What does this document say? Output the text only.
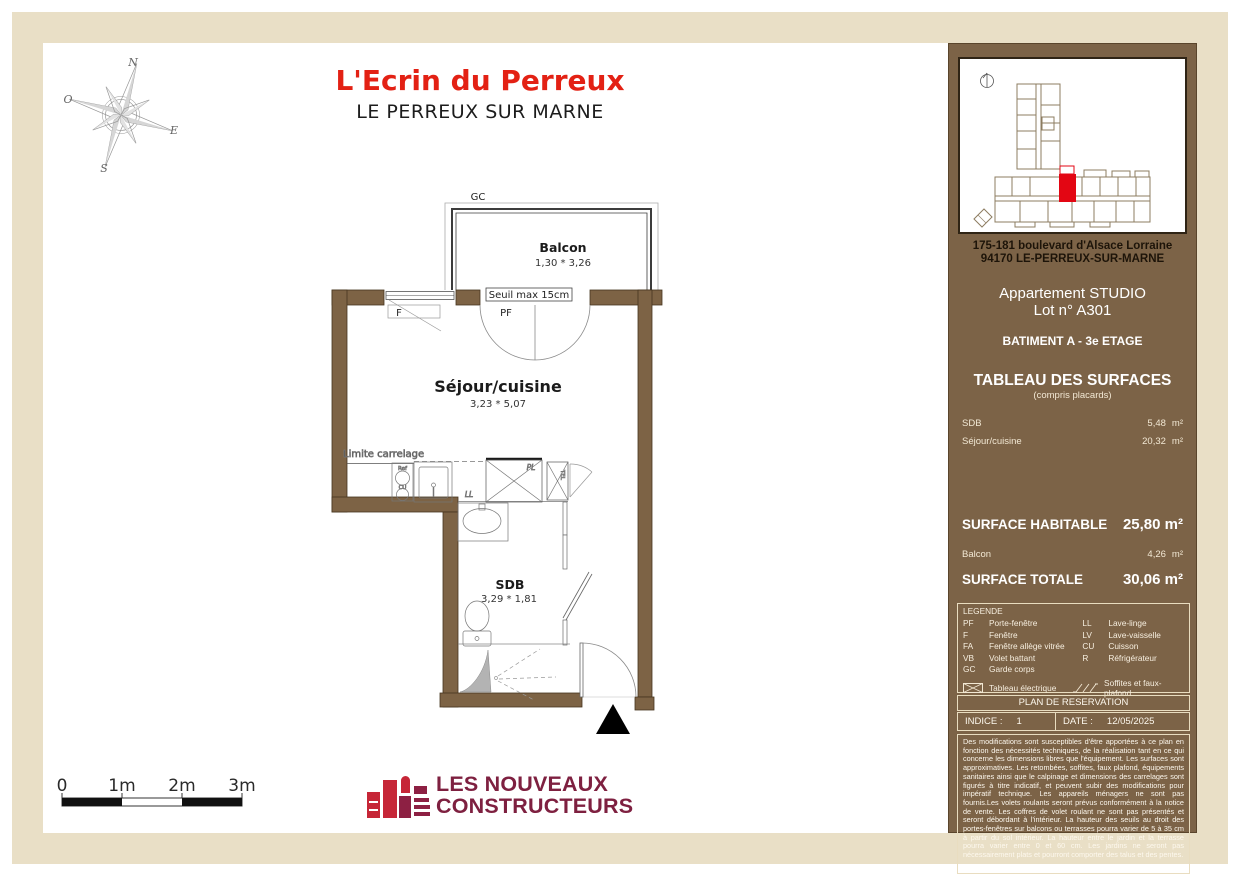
L'Ecrin du Perreux
LE PERREUX SUR MARNE
N
E
S
O
Seuil max 15cm
Limite carrelage
Ref
CU
LL
PL
TEL
GC
Balcon
1,30 * 3,26
F	PF
Séjour/cuisine
3,23 * 5,07
SDB
3,29 * 1,81
0 1m 2m 3m	LES NOUVEAUX
CONSTRUCTEURS
175-181 boulevard d'Alsace Lorraine
94170 LE-PERREUX-SUR-MARNE
Appartement STUDIO
Lot n° A301
BATIMENT A - 3e ETAGE
TABLEAU DES SURFACES
(compris placards)
SDB	5,48 m²
Séjour/cuisine	20,32 m²
SURFACE HABITABLE 25,80 m²
Balcon	4,26 m²
SURFACE TOTALE	30,06 m²
LEGENDE
PF	Porte-fenêtre
F	Fenêtre
FA	Fenêtre allège vitrée
VB	Volet battant
GC	Garde corps
LL	Lave-linge
LV	Lave-vaisselle
CU	Cuisson
R	Réfrigérateur
Tableau électrique	Soffites et faux-plafond
PLAN DE RESERVATION
INDICE : 1	DATE : 12/05/2025
Des modifications sont susceptibles d'être apportées à ce plan en fonction des nécessités techniques, de la réalisation tant en ce qui concerne les dimensions libres que l'équipement. Les surfaces sont approximatives. Les retombées, soffites, faux plafond, équipements sanitaires ainsi que le calpinage et dimensions des carrelages sont figurés à titre indicatif, et peuvent subir des modifications pour impératif technique. Les appareils ménagers ne sont pas fournis.Les volets roulants seront prévus conformément à la notice de vente. Les coffres de volet roulant ne sont pas présentés et seront débordant à l'intérieur. La hauteur des seuils au droit des portes-fenêtres sur balcons ou terrasses pourra varier de 5 à 35 cm à partir du sol intérieur. La hauteur entre le jardin et la terrasse pourra varier entre 0 et 60 cm. Les jardins ne seront pas nécessairement plats et pourront comporter des talus et des pentes.
